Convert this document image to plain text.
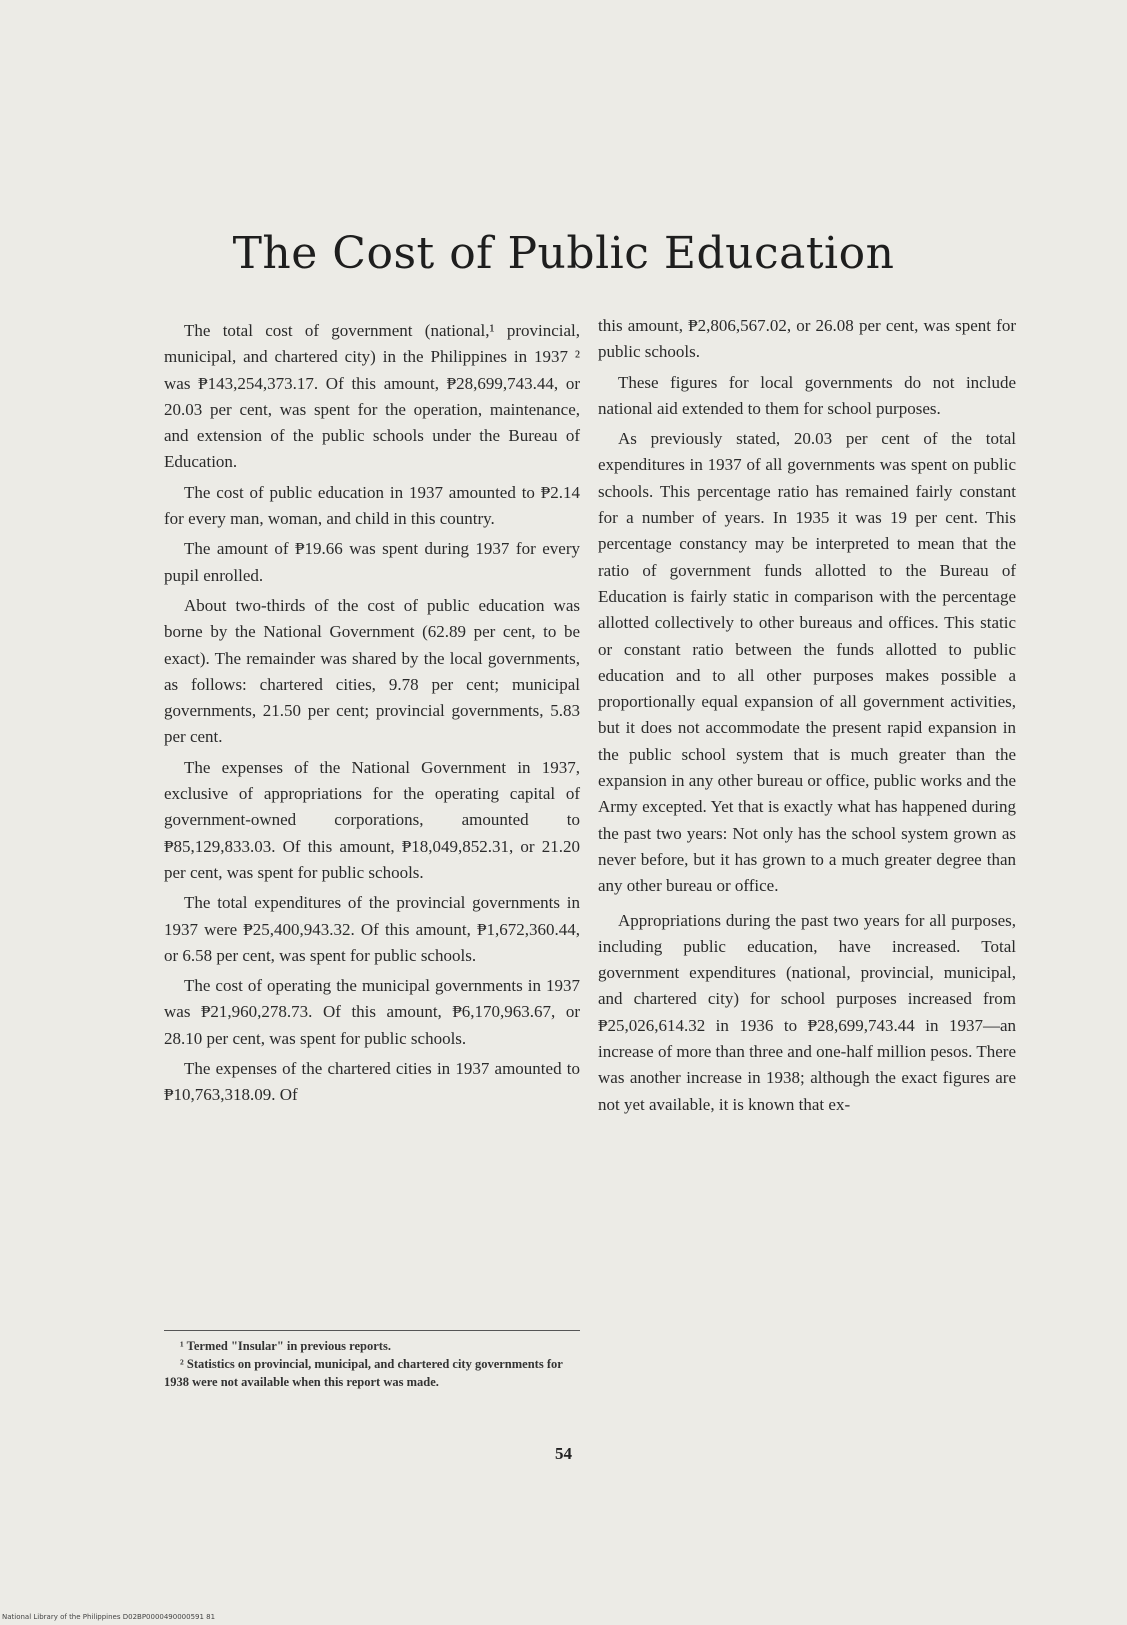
The Cost of Public Education

The total cost of government (national,¹ provincial, municipal, and chartered city) in the Philippines in 1937 ² was ₱143,254,373.17. Of this amount, ₱28,699,743.44, or 20.03 per cent, was spent for the operation, maintenance, and extension of the public schools under the Bureau of Education.

The cost of public education in 1937 amounted to ₱2.14 for every man, woman, and child in this country.

The amount of ₱19.66 was spent during 1937 for every pupil enrolled.

About two-thirds of the cost of public education was borne by the National Government (62.89 per cent, to be exact). The remainder was shared by the local governments, as follows: chartered cities, 9.78 per cent; municipal governments, 21.50 per cent; provincial governments, 5.83 per cent.

The expenses of the National Government in 1937, exclusive of appropriations for the operating capital of government-owned corporations, amounted to ₱85,129,833.03. Of this amount, ₱18,049,852.31, or 21.20 per cent, was spent for public schools.

The total expenditures of the provincial governments in 1937 were ₱25,400,943.32. Of this amount, ₱1,672,360.44, or 6.58 per cent, was spent for public schools.

The cost of operating the municipal governments in 1937 was ₱21,960,278.73. Of this amount, ₱6,170,963.67, or 28.10 per cent, was spent for public schools.

The expenses of the chartered cities in 1937 amounted to ₱10,763,318.09. Of

this amount, ₱2,806,567.02, or 26.08 per cent, was spent for public schools.

These figures for local governments do not include national aid extended to them for school purposes.

As previously stated, 20.03 per cent of the total expenditures in 1937 of all governments was spent on public schools. This percentage ratio has remained fairly constant for a number of years. In 1935 it was 19 per cent. This percentage constancy may be interpreted to mean that the ratio of government funds allotted to the Bureau of Education is fairly static in comparison with the percentage allotted collectively to other bureaus and offices. This static or constant ratio between the funds allotted to public education and to all other purposes makes possible a proportionally equal expansion of all government activities, but it does not accommodate the present rapid expansion in the public school system that is much greater than the expansion in any other bureau or office, public works and the Army excepted. Yet that is exactly what has happened during the past two years: Not only has the school system grown as never before, but it has grown to a much greater degree than any other bureau or office.

Appropriations during the past two years for all purposes, including public education, have increased. Total government expenditures (national, provincial, municipal, and chartered city) for school purposes increased from ₱25,026,614.32 in 1936 to ₱28,699,743.44 in 1937—an increase of more than three and one-half million pesos. There was another increase in 1938; although the exact figures are not yet available, it is known that ex-

¹ Termed "Insular" in previous reports.

² Statistics on provincial, municipal, and chartered city governments for 1938 were not available when this report was made.

54
National Library of the Philippines D02BP0000490000591 81
